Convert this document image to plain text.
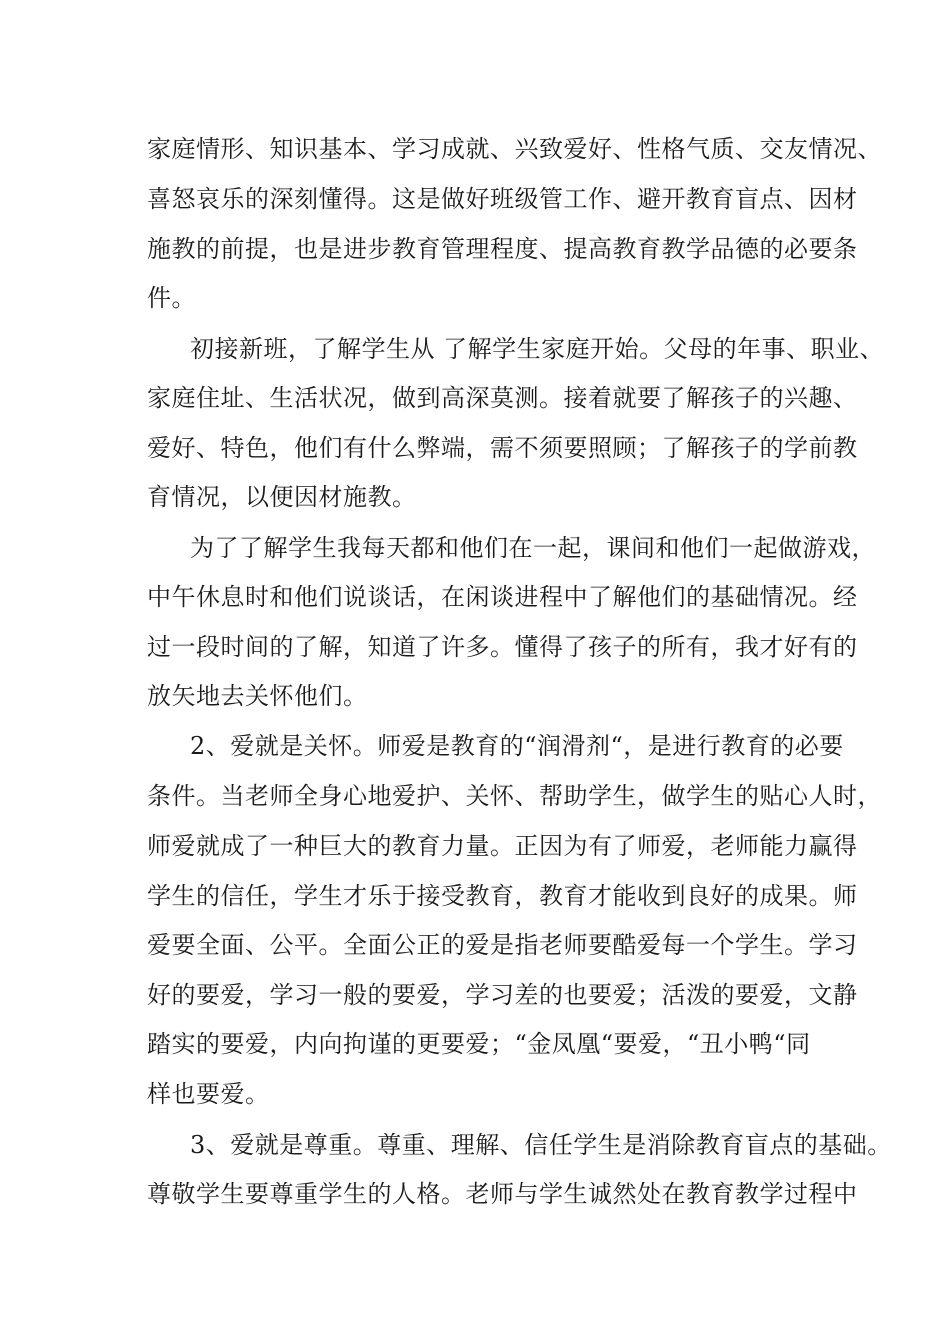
家庭情形、知识基本、学习成就、兴致爱好、性格气质、交友情况、
喜怒哀乐的深刻懂得。这是做好班级管工作、避开教育盲点、因材
施教的前提，也是进步教育管理程度、提高教育教学品德的必要条
件。
初接新班，了解学生从 了解学生家庭开始。父母的年事、职业、
家庭住址、生活状况，做到高深莫测。接着就要了解孩子的兴趣、
爱好、特色，他们有什么弊端，需不须要照顾；了解孩子的学前教
育情况，以便因材施教。
为了了解学生我每天都和他们在一起，课间和他们一起做游戏，
中午休息时和他们说谈话，在闲谈进程中了解他们的基础情况。经
过一段时间的了解，知道了许多。懂得了孩子的所有，我才好有的
放矢地去关怀他们。
2、爱就是关怀。师爱是教育的“润滑剂“，是进行教育的必要
条件。当老师全身心地爱护、关怀、帮助学生，做学生的贴心人时，
师爱就成了一种巨大的教育力量。正因为有了师爱，老师能力赢得
学生的信任，学生才乐于接受教育，教育才能收到良好的成果。师
爱要全面、公平。全面公正的爱是指老师要酷爱每一个学生。学习
好的要爱，学习一般的要爱，学习差的也要爱；活泼的要爱，文静
踏实的要爱，内向拘谨的更要爱；“金凤凰“要爱，“丑小鸭“同
样也要爱。
3、爱就是尊重。尊重、理解、信任学生是消除教育盲点的基础。
尊敬学生要尊重学生的人格。老师与学生诚然处在教育教学过程中
